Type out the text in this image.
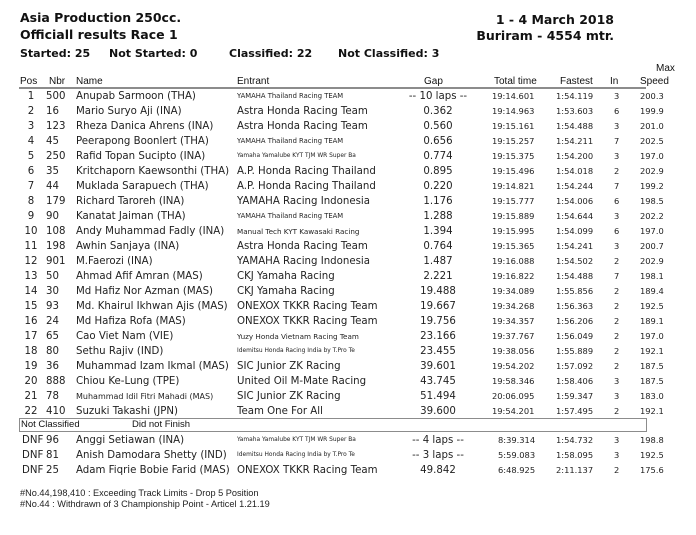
Asia Production 250cc.
Officiall results Race 1
1 - 4 March 2018
Buriram - 4554 mtr.
Started: 25 Not Started: 0	Classified: 22 Not Classified: 3
Pos Nbr Name	Entrant	Gap	Total time Fastest In
Max
Speed
1	500 Anupab Sarmoon (THA)	YAMAHA Thailand Racing TEAM	-- 10 laps --	19:14.601	1:54.119	3 200.3
2	16 Mario Suryo Aji (INA)	Astra Honda Racing Team	0.362	19:14.963	1:53.603	6 199.9
3	123 Rheza Danica Ahrens (INA) Astra Honda Racing Team	0.560	19:15.161	1:54.488	3 201.0
4	45 Peerapong Boonlert (THA)	YAMAHA Thailand Racing TEAM	0.656	19:15.257	1:54.211	7 202.5
5	250 Rafid Topan Sucipto (INA)	Yamaha Yamalube KYT TJM WR Super Ba	0.774	19:15.375	1:54.200	3 197.0
6	35 Kritchaporn Kaewsonthi (THA) A.P. Honda Racing Thailand	0.895	19:15.496	1:54.018	2 202.9
7	44 Muklada Sarapuech (THA)	A.P. Honda Racing Thailand	0.220	19:14.821	1:54.244	7 199.2
8	179 Richard Taroreh (INA)	YAMAHA Racing Indonesia	1.176	19:15.777	1:54.006	6 198.5
9	90 Kanatat Jaiman (THA)	YAMAHA Thailand Racing TEAM	1.288	19:15.889	1:54.644	3 202.2
10 108 Andy Muhammad Fadly (INA) Manual Tech KYT Kawasaki Racing	1.394	19:15.995	1:54.099	6 197.0
11 198 Awhin Sanjaya (INA)	Astra Honda Racing Team	0.764	19:15.365	1:54.241	3 200.7
12 901 M.Faerozi (INA)	YAMAHA Racing Indonesia	1.487	19:16.088	1:54.502	2 202.9
13 50 Ahmad Afif Amran (MAS)	CKJ Yamaha Racing	2.221	19:16.822	1:54.488	7 198.1
14 30 Md Hafiz Nor Azman (MAS) CKJ Yamaha Racing	19.488	19:34.089	1:55.856	2 189.4
15 93 Md. Khairul Ikhwan Ajis (MAS) ONEXOX TKKR Racing Team	19.667	19:34.268	1:56.363	2 192.5
16 24 Md Hafiza Rofa (MAS)	ONEXOX TKKR Racing Team	19.756	19:34.357	1:56.206	2 189.1
17 65 Cao Viet Nam (VIE)	Yuzy Honda Vietnam Racing Team	23.166	19:37.767	1:56.049	2 197.0
18 80 Sethu Rajiv (IND)	Idemitsu Honda Racing India by T.Pro Te	23.455	19:38.056	1:55.889	2 192.1
19 36 Muhammad Izam Ikmal (MAS) SIC Junior ZK Racing	39.601	19:54.202	1:57.092	2 187.5
20 888 Chiou Ke-Lung (TPE)	United Oil M-Mate Racing	43.745	19:58.346	1:58.406	3 187.5
21 78 Muhammad Idil Fitri Mahadi (MAS) SIC Junior ZK Racing	51.494	20:06.095	1:59.347	3 183.0
22 410 Suzuki Takashi (JPN)	Team One For All	39.600	19:54.201	1:57.495	2 192.1
Not Classified	Did not Finish
DNF 96 Anggi Setiawan (INA)	Yamaha Yamalube KYT TJM WR Super Ba	-- 4 laps --	8:39.314	1:54.732	3 198.8
DNF 81 Anish Damodara Shetty (IND) Idemitsu Honda Racing India by T.Pro Te	-- 3 laps --	5:59.083	1:58.095	3 192.5
DNF 25 Adam Fiqrie Bobie Farid (MAS) ONEXOX TKKR Racing Team	49.842	6:48.925	2:11.137	2 175.6
#No.44,198,410 : Exceeding Track Limits - Drop 5 Position
#No.44 : Withdrawn of 3 Championship Point - Articel 1.21.19
